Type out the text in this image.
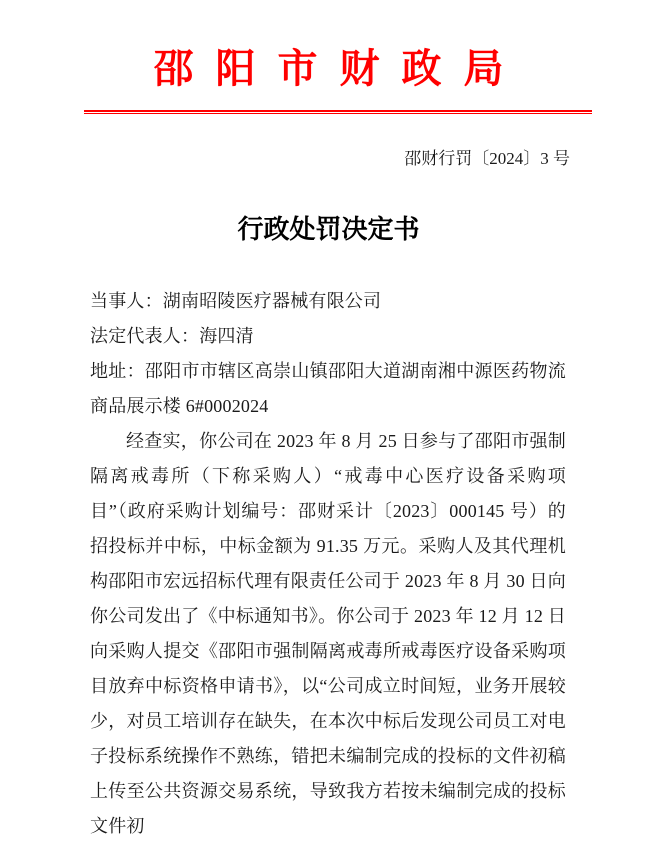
邵 阳 市 财 政 局
邵财行罚〔2024〕3 号
行政处罚决定书

当事人：湖南昭陵医疗器械有限公司

法定代表人：海四清

地址：邵阳市市辖区高崇山镇邵阳大道湖南湘中源医药物流商品展示楼 6#0002024

经查实，你公司在 2023 年 8 月 25 日参与了邵阳市强制隔离戒毒所（下称采购人）“戒毒中心医疗设备采购项目”（政府采购计划编号：邵财采计〔2023〕000145 号）的招投标并中标，中标金额为 91.35 万元。采购人及其代理机构邵阳市宏远招标代理有限责任公司于 2023 年 8 月 30 日向你公司发出了《中标通知书》。你公司于 2023 年 12 月 12 日向采购人提交《邵阳市强制隔离戒毒所戒毒医疗设备采购项目放弃中标资格申请书》，以“公司成立时间短，业务开展较少，对员工培训存在缺失，在本次中标后发现公司员工对电子投标系统操作不熟练，错把未编制完成的投标的文件初稿上传至公共资源交易系统，导致我方若按未编制完成的投标文件初
